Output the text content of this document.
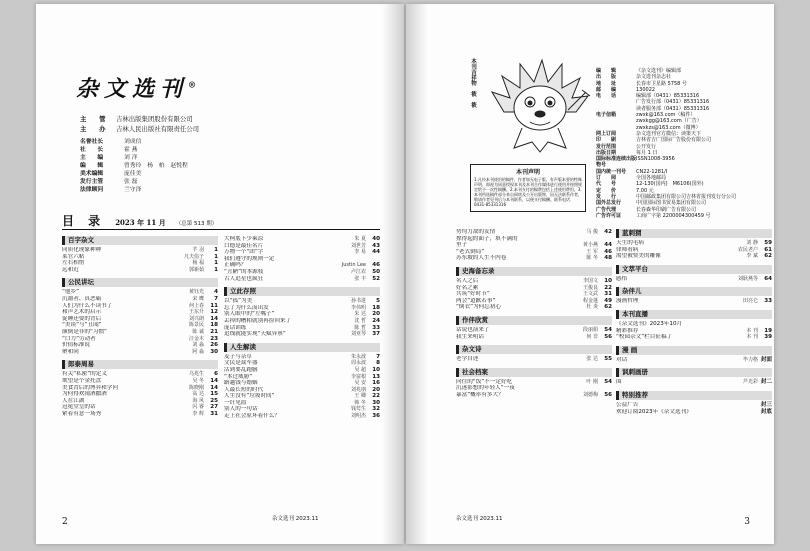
杂文选刊®
主　　管	吉林出版集团股份有限公司
主　　办	吉林人民出版社有限责任公司
名誉社长	刘成信
社　　长	霍 燕
主　　编	刘 洋
编　　辑	曾秀玲　杨　柏　赵悦程
美术编辑	庞佳美
发行主管	张 磊
法律顾问	兰守泽
目 录 2023 年 11 月 （总第 513 期）
百字杂文
同质化现象种种	芊 羽	1
莱官六帖	凡夫俗子	1
左右相惜	杨 福	1
远和近	郭新茹	1
公民讲坛
“他乡”	黄钰光	4
沉溺者、真恶霸	宋 鹰	7
人们为什么不读书了	何上春	11
和声艺术的启示	王东升	12
促睡还要的背后	刘兴朗	14
“美谈”与“丑闻”	陈景民	18
颠倒是非的“习惯”	陈 诚	21
“口力”劳动者	汪金木	23
价值标准说	刘 淼	26
聚和同	阿 淼	30
郎泰周易
有关“私密”的定义	乌兆生	6
欺望是个金托盘	吴 冬	14
美食背后的博弈和学问	陈晓刚	14
为何得欢闹酒撒酒	高 达	15
人在江湖	海 风	25
冠冕堂皇的话	闪 睿	27
紧着有意一场秀	李 辉	31
大柯底下少乘凉	朱 夏	40
口德是最佳名片	刘世芳	43
万物一个“团”字	李 易	44
我们遵守的规则一定
正确吗？	Justin Lee	46
“丑陋”的本源枝	卢江农	50
古人追星也疯狂	张 丰	52
立此存照
以“孤”为美	孙书进	5
忘了为什么而出发	李伟明	18
别人眼中的“左嘴子”	朱 达	20
丢掉的糟粕就别再捡回来了	沈 哲	24
庞话训练	陈 哲	33
追线就能实现“天赋异禀”	刘亚琴	37
人生解读
麦子与杂草	朱永波	7
文民是裁车器	周永波	8
活到要乱跑脑	吴 超	10
“本过威胁”	李富根	13
路越钱与婚姻	吴 安	16
人最长短的时代	刘兆朋	20
人生没有“垃圾时间”	王 卿	22
一针见血	韩 冬	30
别人的一句话	钱莺生	32
走上社会原坏着什么？	刘明杰	36
2	杂文选刊 2023.11
本刊吉祥物　筱　筱
本刊声明
1.凡经本刊使用的稿件，作者如无电子版、有声版本要的特殊声明，即视为同意授权本刊及本刊合作媒体进行使用并按照规定给予一次性稿酬。2.本刊支付的稿费包括上述使用费用。3.本刊所选稿件部分来自网络及公开出版物，因无法联系作者，敬请作者见刊后与本刊联系，以便支付稿酬。联系电话：0431-85331316
编　　辑	《杂文选刊》编辑部
出　　版	杂文选刊杂志社
地　　址	长春市卫星路 5758 号
邮　　编	130022
电　　话	编辑部（0431）85331316
广告发行部（0431）85331316
读者服务部（0431）85331316
电子信箱	zwxk@163.com（稿件）
zwxkgg@163.com（广告）
zwxkzs@163.com（微博）
网上订阅	杂文选刊官方微信：读策天下
印　　刷	吉林省吉广国际广告股份有限公司
发行范围	公开发行
出版日期	每月 1 日
国际标准连续出版物号
ISSN1008-3956
国内统一刊号	CN22-1281/I
订　　阅	全国各地邮局
代　　号	12-130(国内)　M6106(国外)
定　　价	7.00 元
发　　行	中国邮政集团有限公司吉林省报刊发行分公司
国外总发行	中国国际图书贸易集团有限公司
广告代理	长春森华印刷广告有限公司
广告许可证	工商广字第 2200004300459 号
势均力敌的友情	马 俊	42
撑得起的面子，填不满的
里子	黄小燕	44
“老式倒局”	王 军	46
苏东坡的人生不内卷	陈 冬	48
史海备忘录
名人之后	李国文	10
好名之累	王俊良	22
共筑“好时节”	王文武	31
两会“道歉若事”	程金蓬	49
“倒衣”为何忘初心	杜 炎	62
作伴欣赏
话说也演来了	段丽娟	54
我生来明话	何 非	56
杂文诗
老学自述	张 达	55
社会档案
向往的“饭”不一定好吃	叶 刚	54
沉迷影想的年轻人“一夜
暴富”概率有多大？	刘德梅	56
蓝刺猬
天生的毛病	刘 静	59
律师看病	农民老户	61
渴望被赞美的雕像	李 斌	62
文萃平台
感悟	刘耿燕等	64
杂伴儿
漫画哲理	田亮仑	33
本刊直播
《杂文选刊》2023年10月
精彩推荐	本 刊	19
“校园杂文”栏目征稿了	本 刊	39
漫 画
对话	毕力格 封面
讽刺画册
围	芦光彩 封二
特别推荐
公益广告	封三
欢迎订阅2023年《杂文选刊》	封底
杂文选刊 2023.11	3
